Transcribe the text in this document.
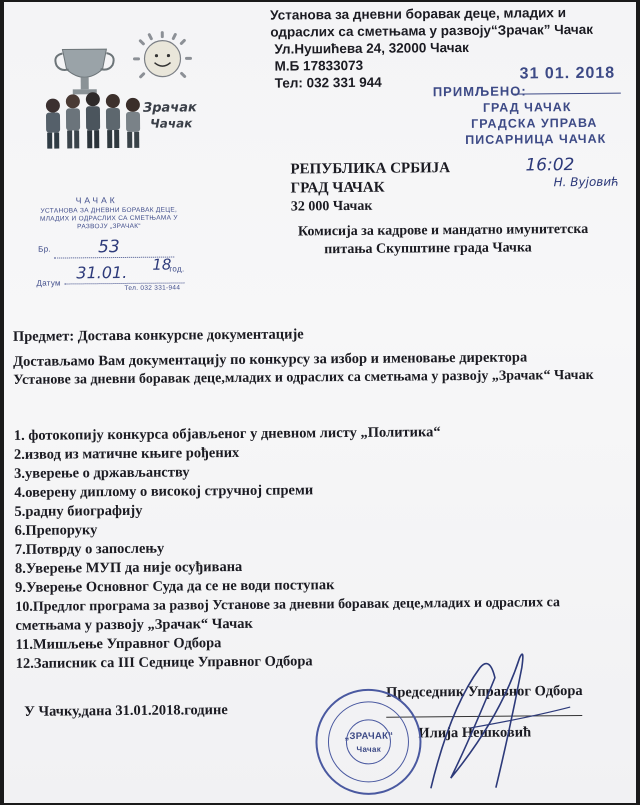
Зрачак
Чачак
Установа за дневни боравак деце, младих и
одраслих са сметњама у развоју“Зрачак” Чачак
Ул.Нушићева 24, 32000 Чачак
М.Б 17833073
Тел: 032 331 944
31 01. 2018
ПРИМЉЕНО:
ГРАД ЧАЧАК
ГРАДСКА УПРАВА
ПИСАРНИЦА ЧАЧАК
16:02
Н. Вујовић
ЧАЧАК
УСТАНОВА ЗА ДНЕВНИ БОРАВАК ДЕЦЕ, МЛАДИХ И ОДРАСЛИХ СА СМЕТЊАМА У РАЗВОЈУ „ЗРАЧАК“
Бр.	53
Датум
31.01. 18
год.
Тел. 032 331-944
РЕПУБЛИКА СРБИЈА
ГРАД ЧАЧАК
32 000 Чачак
Комисија за кадрове и мандатно имунитетска
питања Скупштине града Чачка
Предмет: Достава конкурсне документације
Достављамо Вам документацију по конкурсу за избор и именовање директора
Установе за дневни боравак деце,младих и одраслих са сметњама у развоју „Зрачак“ Чачак
1. фотокопију конкурса објављеног у дневном листу „Политика“
2.извод из матичне књиге рођених
3.уверење о држављанству
4.оверену диплому о високој стручној спреми
5.радну биографију
6.Препоруку
7.Потврду о запослењу
8.Уверење МУП да није осуђивана
9.Уверење Основног Суда да се не води поступак
10.Предлог програма за развој Установе за дневни боравак деце,младих и одраслих са
сметњама у развоју „Зрачак“ Чачак
11.Мишљење Управног Одбора
12.Записник са III Седнице Управног Одбора
У Чачку,дана 31.01.2018.године
Председник Управног Одбора
Илија Нешковић
„ЗРАЧАК“
Чачак
